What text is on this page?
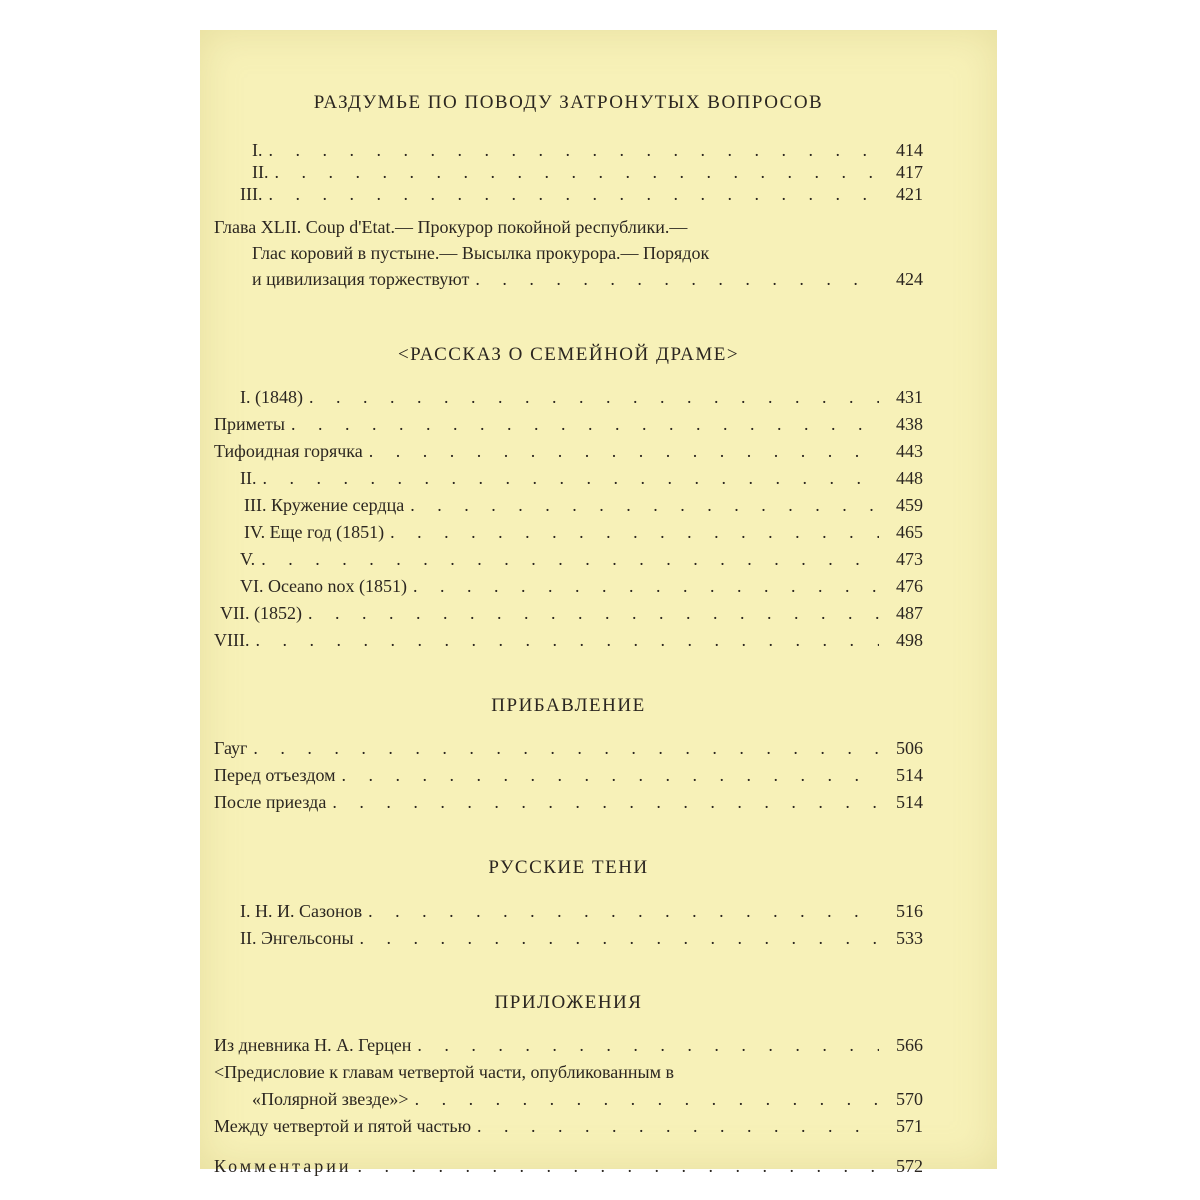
РАЗДУМЬЕ ПО ПОВОДУ ЗАТРОНУТЫХ ВОПРОСОВ
I. . . .	414
II. . . .	417
III. . . .	421
Глава XLII. Coup d'Etat.— Прокурор покойной республики.—
Глас коровий в пустыне.— Высылка прокурора.— Порядок
и цивилизация торжествуют . . .	424
<РАССКАЗ О СЕМЕЙНОЙ ДРАМЕ>
I. (1848) . . .	431
Приметы . . .	438
Тифоидная горячка . . .	443
II. . . .	448
III. Кружение сердца . . .	459
IV. Еще год (1851) . . .	465
V. . . .	473
VI. Oceano nox (1851) . . .	476
VII. (1852) . . .	487
VIII. . . .	498
ПРИБАВЛЕНИЕ
Гауг . . .	506
Перед отъездом . . .	514
После приезда . . .	514
РУССКИЕ ТЕНИ
I. Н. И. Сазонов . . .	516
II. Энгельсоны . . .	533
ПРИЛОЖЕНИЯ
Из дневника Н. А. Герцен . . .	566
<Предисловие к главам четвертой части, опубликованным в
«Полярной звезде»> . . .	570
Между четвертой и пятой частью . . .	571
Комментарии . . .	572
